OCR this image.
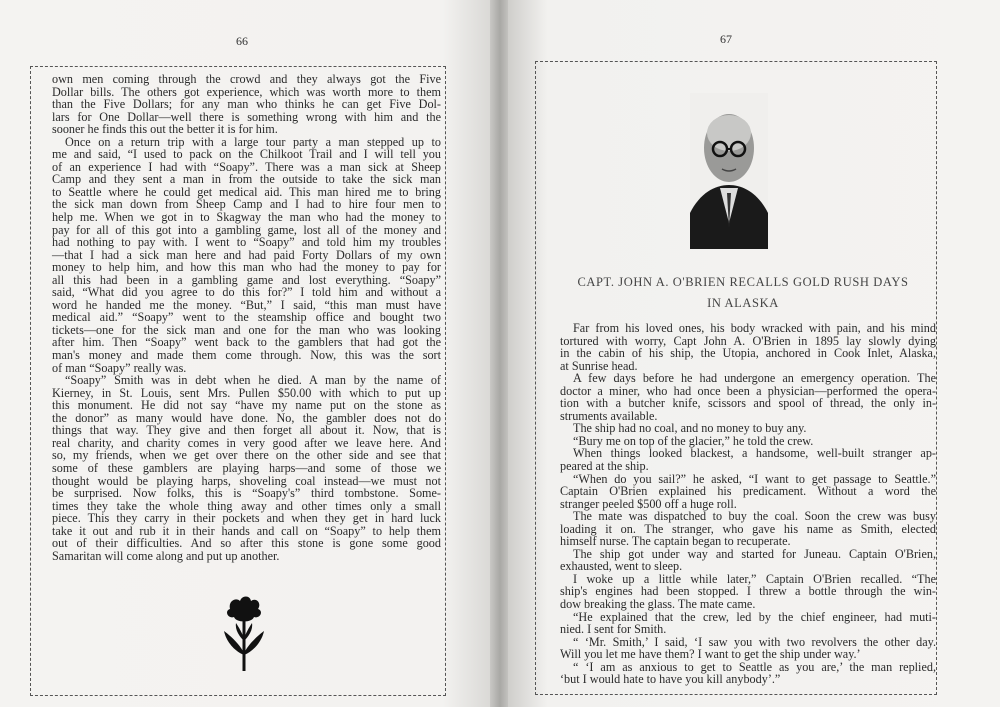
66
own men coming through the crowd and they always got the Five
Dollar bills. The others got experience, which was worth more to them
than the Five Dollars; for any man who thinks he can get Five Dol-
lars for One Dollar—well there is something wrong with him and the
sooner he finds this out the better it is for him.
Once on a return trip with a large tour party a man stepped up to
me and said, “I used to pack on the Chilkoot Trail and I will tell you
of an experience I had with “Soapy”. There was a man sick at Sheep
Camp and they sent a man in from the outside to take the sick man
to Seattle where he could get medical aid. This man hired me to bring
the sick man down from Sheep Camp and I had to hire four men to
help me. When we got in to Skagway the man who had the money to
pay for all of this got into a gambling game, lost all of the money and
had nothing to pay with. I went to “Soapy” and told him my troubles
—that I had a sick man here and had paid Forty Dollars of my own
money to help him, and how this man who had the money to pay for
all this had been in a gambling game and lost everything. “Soapy”
said, “What did you agree to do this for?” I told him and without a
word he handed me the money. “But,” I said, “this man must have
medical aid.” “Soapy” went to the steamship office and bought two
tickets—one for the sick man and one for the man who was looking
after him. Then “Soapy” went back to the gamblers that had got the
man's money and made them come through. Now, this was the sort
of man “Soapy” really was.
“Soapy” Smith was in debt when he died. A man by the name of
Kierney, in St. Louis, sent Mrs. Pullen $50.00 with which to put up
this monument. He did not say “have my name put on the stone as
the donor” as many would have done. No, the gambler does not do
things that way. They give and then forget all about it. Now, that is
real charity, and charity comes in very good after we leave here. And
so, my friends, when we get over there on the other side and see that
some of these gamblers are playing harps—and some of those we
thought would be playing harps, shoveling coal instead—we must not
be surprised. Now folks, this is “Soapy's” third tombstone. Some-
times they take the whole thing away and other times only a small
piece. This they carry in their pockets and when they get in hard luck
take it out and rub it in their hands and call on “Soapy” to help them
out of their difficulties. And so after this stone is gone some good
Samaritan will come along and put up another.
67
CAPT. JOHN A. O'BRIEN RECALLS GOLD RUSH DAYS
IN ALASKA
Far from his loved ones, his body wracked with pain, and his mind
tortured with worry, Capt John A. O'Brien in 1895 lay slowly dying
in the cabin of his ship, the Utopia, anchored in Cook Inlet, Alaska,
at Sunrise head.
A few days before he had undergone an emergency operation. The
doctor a miner, who had once been a physician—performed the opera-
tion with a butcher knife, scissors and spool of thread, the only in-
struments available.
The ship had no coal, and no money to buy any.
“Bury me on top of the glacier,” he told the crew.
When things looked blackest, a handsome, well-built stranger ap-
peared at the ship.
“When do you sail?” he asked, “I want to get passage to Seattle.”
Captain O'Brien explained his predicament. Without a word the
stranger peeled $500 off a huge roll.
The mate was dispatched to buy the coal. Soon the crew was busy
loading it on. The stranger, who gave his name as Smith, elected
himself nurse. The captain began to recuperate.
The ship got under way and started for Juneau. Captain O'Brien,
exhausted, went to sleep.
I woke up a little while later,” Captain O'Brien recalled. “The
ship's engines had been stopped. I threw a bottle through the win-
dow breaking the glass. The mate came.
“He explained that the crew, led by the chief engineer, had muti-
nied. I sent for Smith.
“ ‘Mr. Smith,’ I said, ‘I saw you with two revolvers the other day.
Will you let me have them? I want to get the ship under way.’
“ ‘I am as anxious to get to Seattle as you are,’ the man replied,
‘but I would hate to have you kill anybody’.”
